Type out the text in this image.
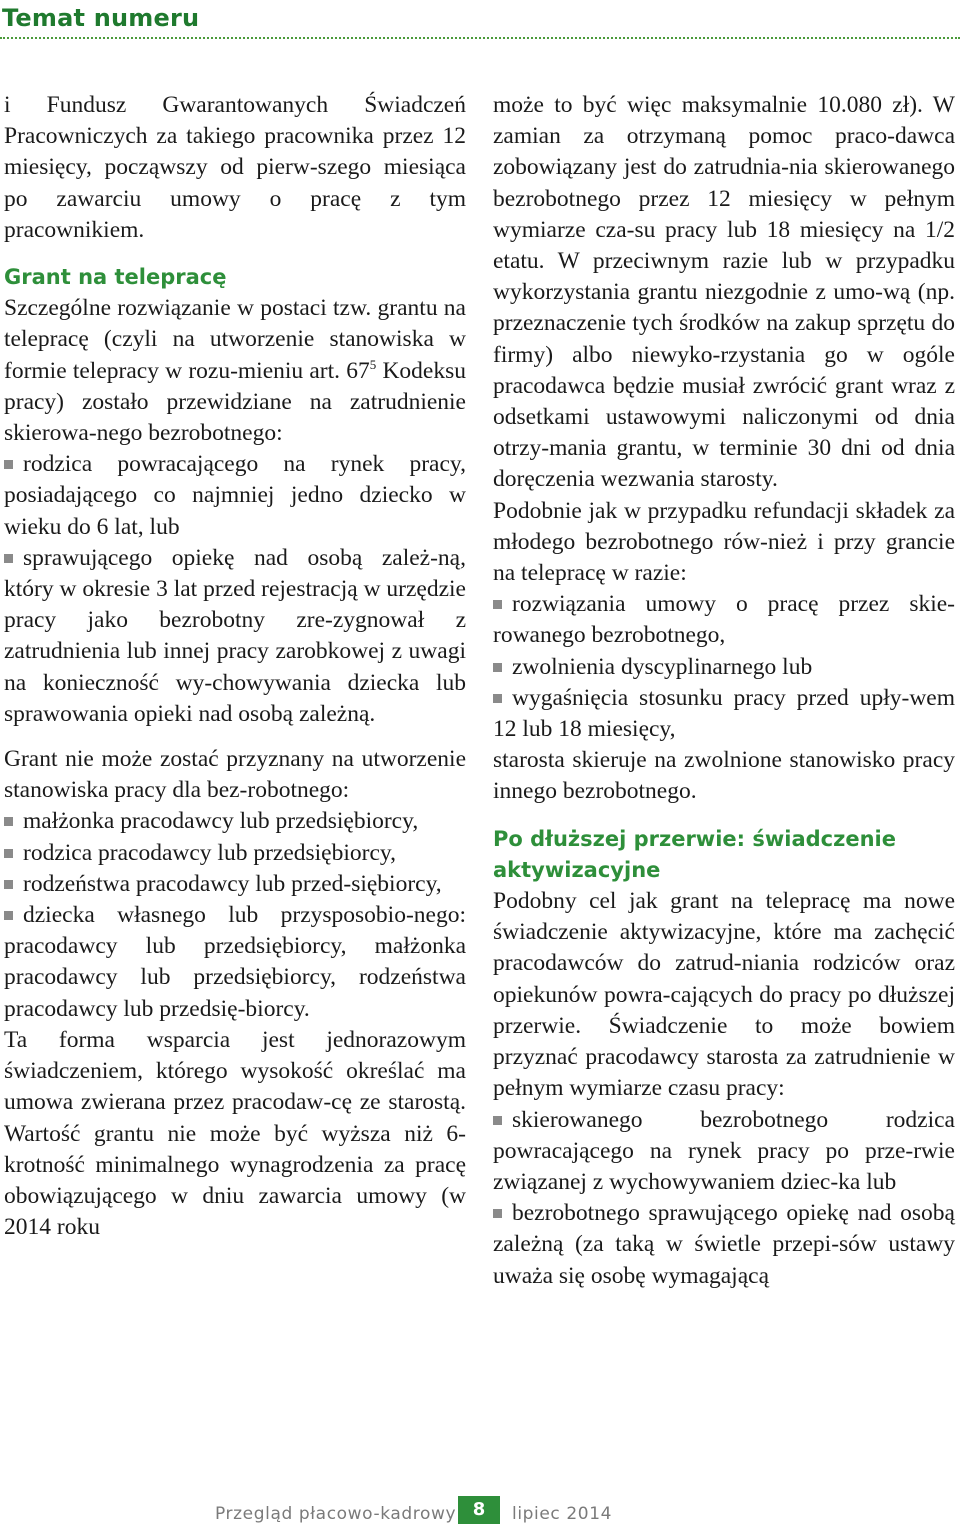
Temat numeru

i Fundusz Gwarantowanych Świadczeń Pracowniczych za takiego pracownika przez 12 miesięcy, począwszy od pierw-szego miesiąca po zawarciu umowy o pracę z tym pracownikiem.

Grant na telepracę

Szczególne rozwiązanie w postaci tzw. grantu na telepracę (czyli na utworzenie stanowiska w formie telepracy w rozu-mieniu art. $67^5$ Kodeksu pracy) zostało przewidziane na zatrudnienie skierowa-nego bezrobotnego:

rodzica powracającego na rynek pracy, posiadającego co najmniej jedno dziecko w wieku do 6 lat, lub

sprawującego opiekę nad osobą zależ-ną, który w okresie 3 lat przed rejestracją w urzędzie pracy jako bezrobotny zre-zygnował z zatrudnienia lub innej pracy zarobkowej z uwagi na konieczność wy-chowywania dziecka lub sprawowania opieki nad osobą zależną.

Grant nie może zostać przyznany na utworzenie stanowiska pracy dla bez-robotnego:

małżonka pracodawcy lub przedsiębiorcy,

rodzica pracodawcy lub przedsiębiorcy,

rodzeństwa pracodawcy lub przed-siębiorcy,

dziecka własnego lub przysposobio-nego: pracodawcy lub przedsiębiorcy, małżonka pracodawcy lub przedsiębiorcy, rodzeństwa pracodawcy lub przedsię-biorcy.

Ta forma wsparcia jest jednorazowym świadczeniem, którego wysokość określać ma umowa zwierana przez pracodaw-cę ze starostą. Wartość grantu nie może być wyższa niż 6-krotność minimalnego wynagrodzenia za pracę obowiązującego w dniu zawarcia umowy (w 2014 roku

może to być więc maksymalnie 10.080 zł). W zamian za otrzymaną pomoc praco-dawca zobowiązany jest do zatrudnia-nia skierowanego bezrobotnego przez 12 miesięcy w pełnym wymiarze cza-su pracy lub 18 miesięcy na 1/2 etatu. W przeciwnym razie lub w przypadku wykorzystania grantu niezgodnie z umo-wą (np. przeznaczenie tych środków na zakup sprzętu do firmy) albo niewyko-rzystania go w ogóle pracodawca będzie musiał zwrócić grant wraz z odsetkami ustawowymi naliczonymi od dnia otrzy-mania grantu, w terminie 30 dni od dnia doręczenia wezwania starosty.

Podobnie jak w przypadku refundacji składek za młodego bezrobotnego rów-nież i przy grancie na telepracę w razie:

rozwiązania umowy o pracę przez skie-rowanego bezrobotnego,

zwolnienia dyscyplinarnego lub

wygaśnięcia stosunku pracy przed upły-wem 12 lub 18 miesięcy,

starosta skieruje na zwolnione stanowisko pracy innego bezrobotnego.

Po dłuższej przerwie: świadczenie aktywizacyjne

Podobny cel jak grant na telepracę ma nowe świadczenie aktywizacyjne, które ma zachęcić pracodawców do zatrud-niania rodziców oraz opiekunów powra-cających do pracy po dłuższej przerwie. Świadczenie to może bowiem przyznać pracodawcy starosta za zatrudnienie w pełnym wymiarze czasu pracy:

skierowanego bezrobotnego rodzica powracającego na rynek pracy po prze-rwie związanej z wychowywaniem dziec-ka lub

bezrobotnego sprawującego opiekę nad osobą zależną (za taką w świetle przepi-sów ustawy uważa się osobę wymagającą

Przegląd płacowo-kadrowy 8	lipiec 2014
